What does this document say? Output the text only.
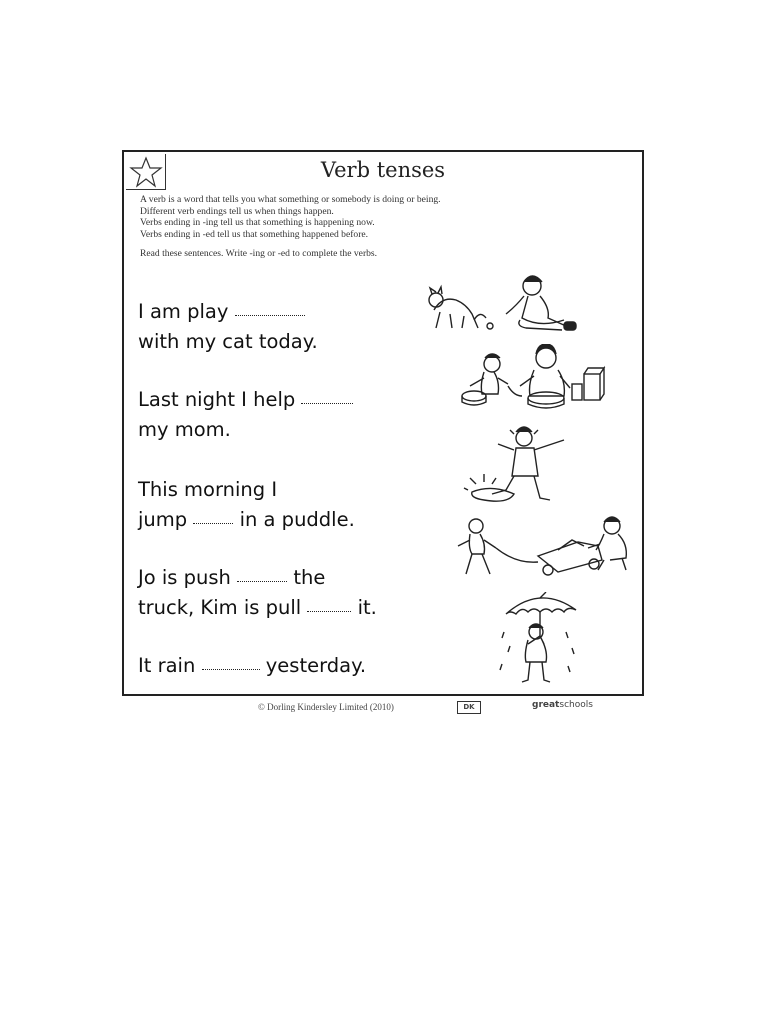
Verb tenses

A verb is a word that tells you what something or somebody is doing or being.

Different verb endings tell us when things happen.

Verbs ending in -ing tell us that something is happening now.

Verbs ending in -ed tell us that something happened before.

Read these sentences. Write -ing or -ed to complete the verbs.

I am play
with my cat today.
Last night I help
my mom.
This morning I
jump	in a puddle.
Jo is push	the
truck, Kim is pull	it.
It rain	yesterday.
© Dorling Kindersley Limited (2010)	DK	greatschools
